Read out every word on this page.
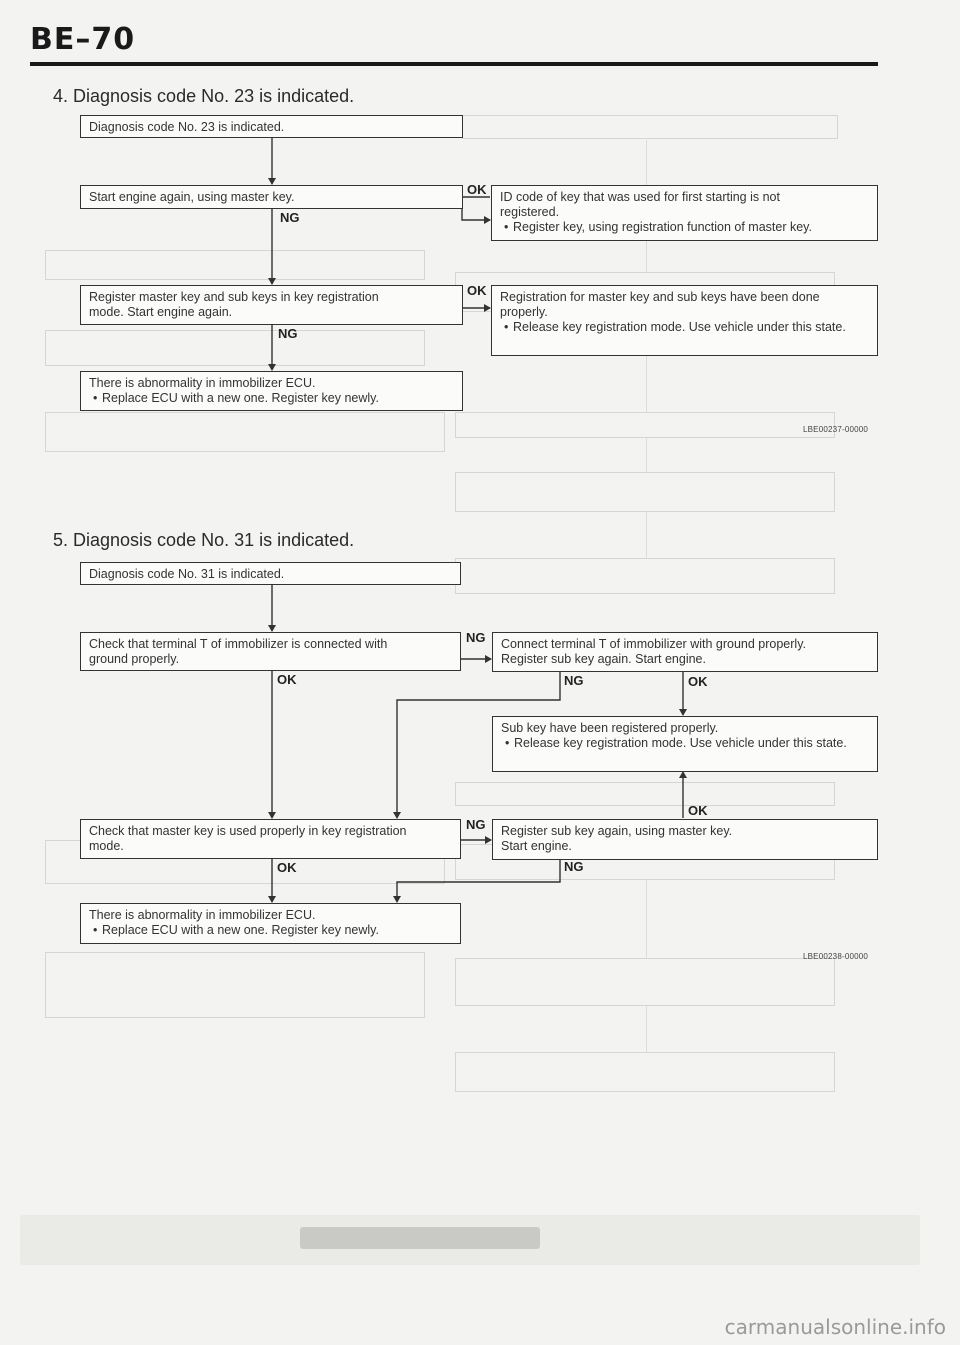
BE–70
4. Diagnosis code No. 23 is indicated.
Diagnosis code No. 23 is indicated.
Start engine again, using master key.	ID code of key that was used for first starting is not
registered.
• Register key, using registration function of master key.
Register master key and sub keys in key registration
mode. Start engine again.
Registration for master key and sub keys have been done
properly.
• Release key registration mode. Use vehicle under this state.
There is abnormality in immobilizer ECU.
• Replace ECU with a new one. Register key newly.
OK
NG
OK
NG
LBE00237-00000
5. Diagnosis code No. 31 is indicated.
Diagnosis code No. 31 is indicated.
Check that terminal T of immobilizer is connected with
ground properly.
Connect terminal T of immobilizer with ground properly.
Register sub key again. Start engine.
Sub key have been registered properly.
• Release key registration mode. Use vehicle under this state.
Check that master key is used properly in key registration
mode.
Register sub key again, using master key.
Start engine.
There is abnormality in immobilizer ECU.
• Replace ECU with a new one. Register key newly.
NG
OK	NG	OK
OK
NG
OK	NG
LBE00238-00000
carmanualsonline.info
